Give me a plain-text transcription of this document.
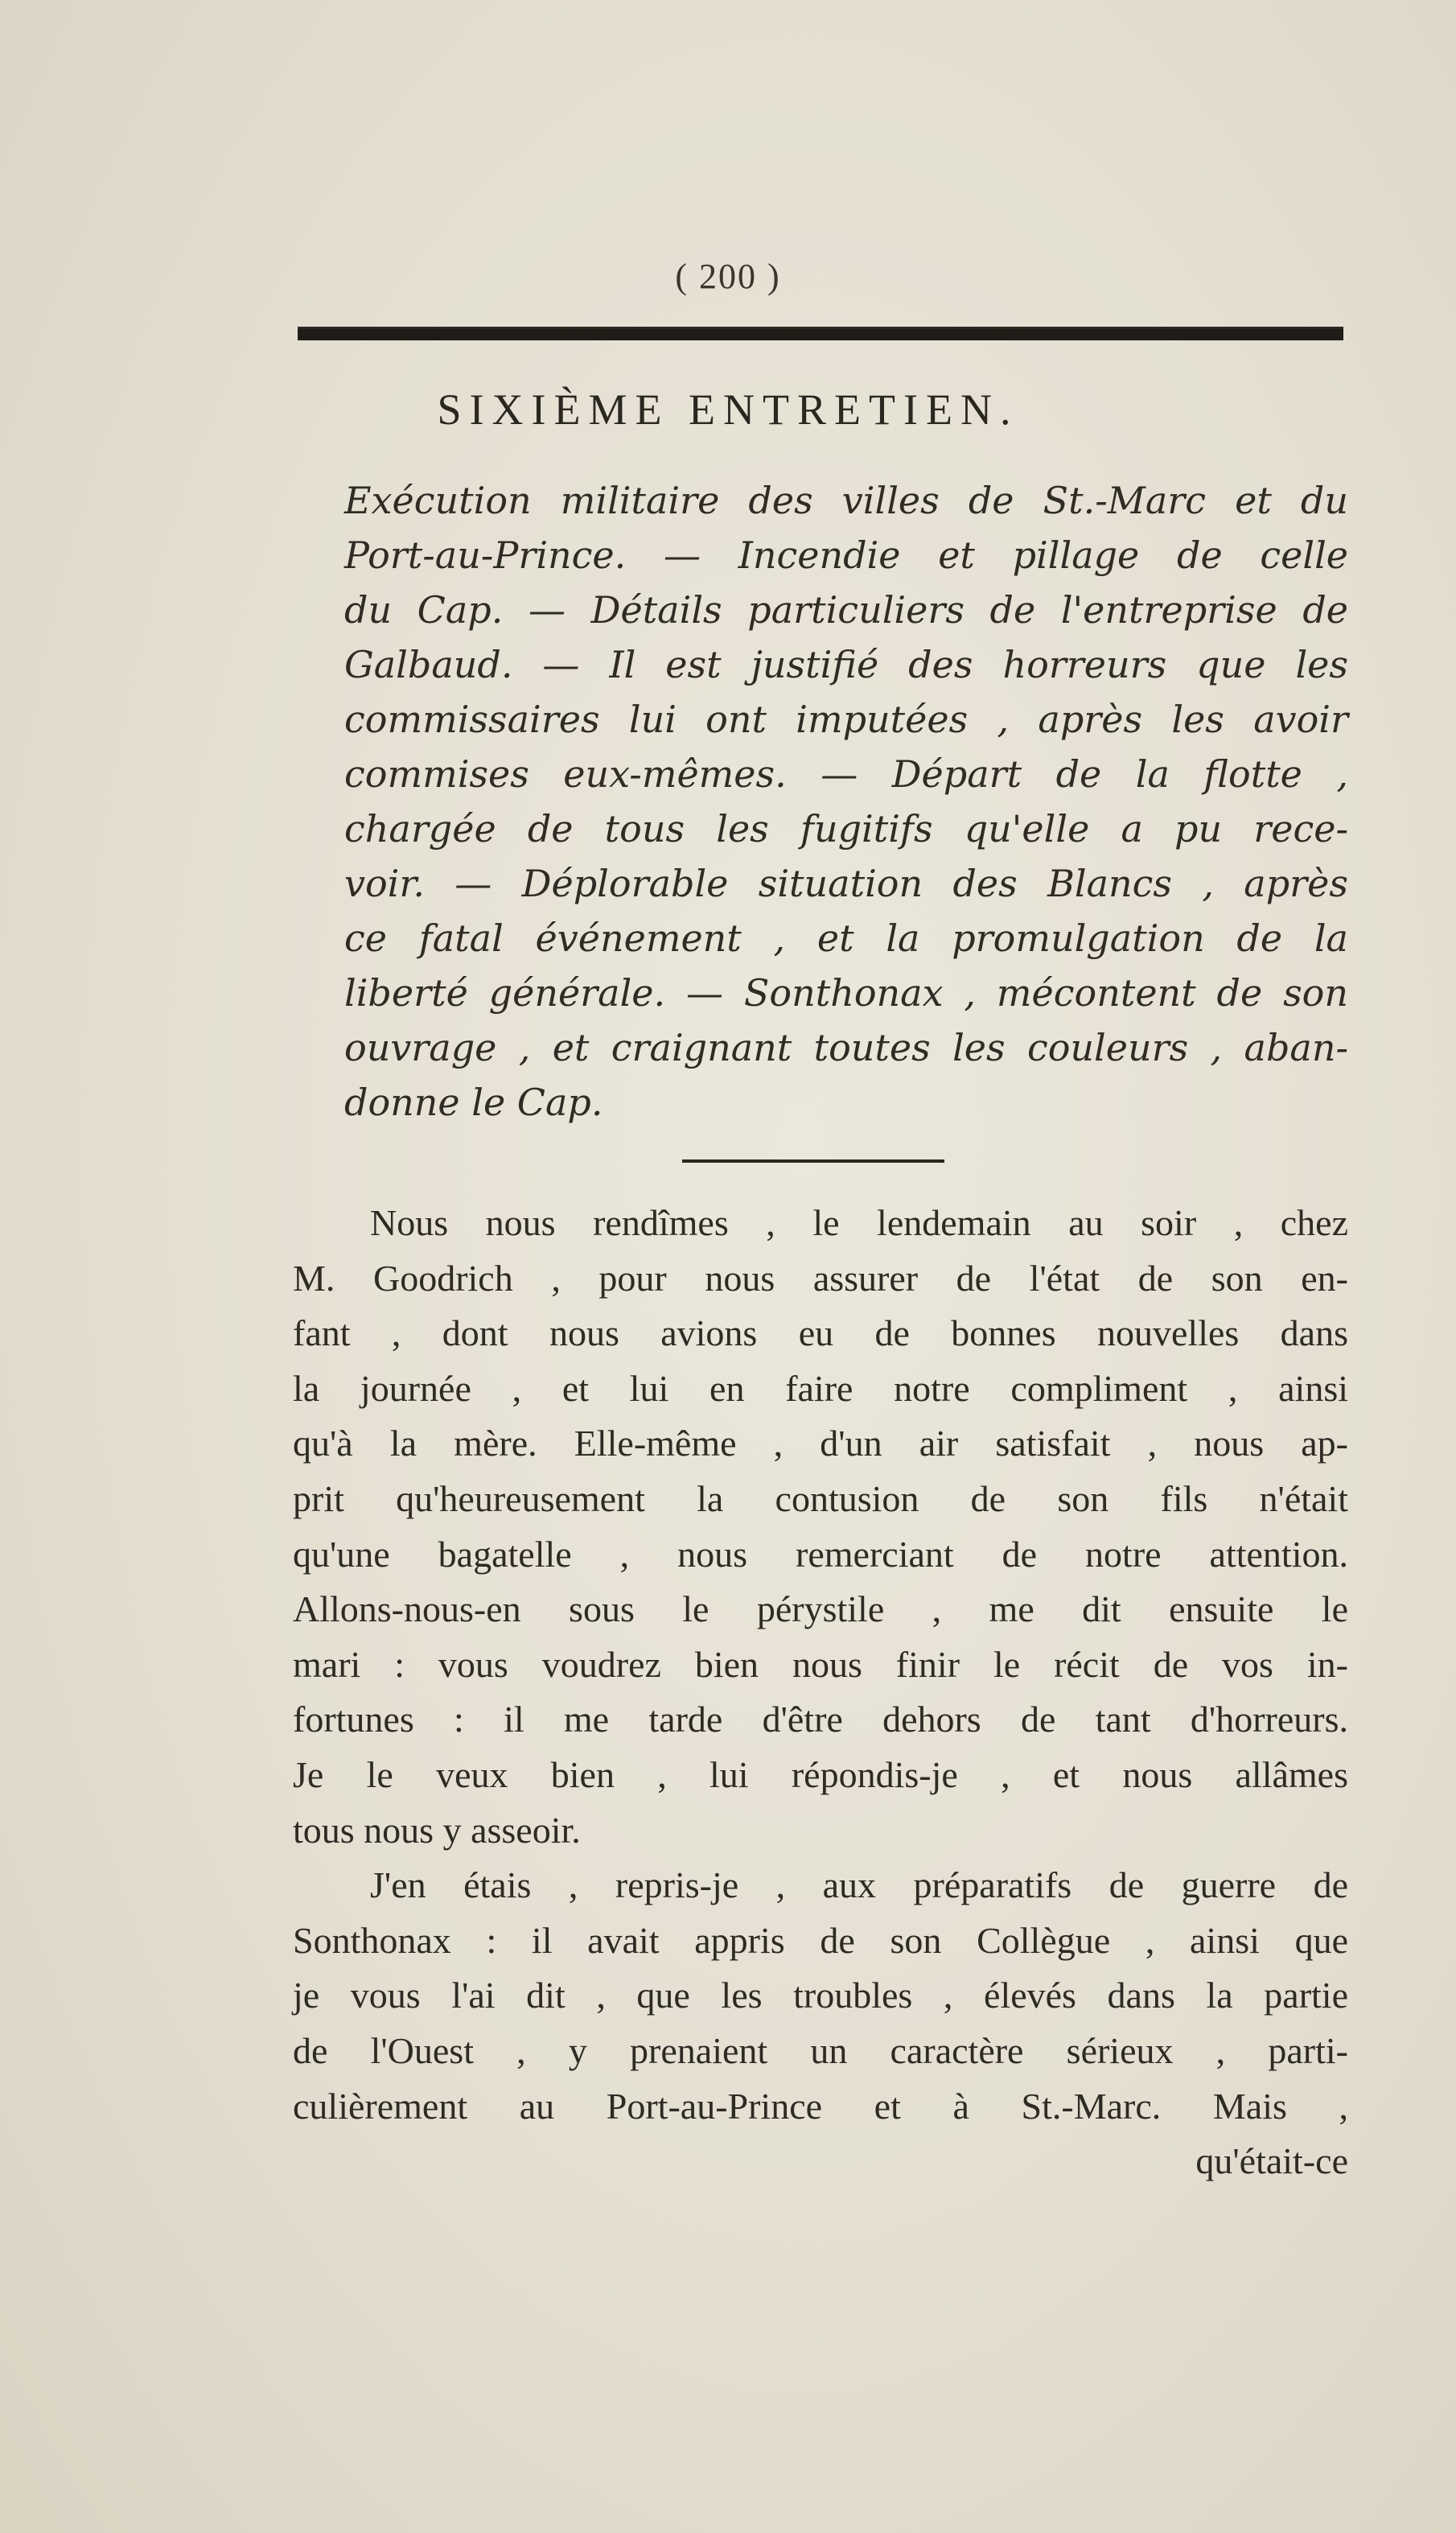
( 200 )
SIXIÈME ENTRETIEN.
Exécution militaire des villes de St.-Marc et du
Port-au-Prince. — Incendie et pillage de celle
du Cap. — Détails particuliers de l'entreprise de
Galbaud. — Il est justifié des horreurs que les
commissaires lui ont imputées , après les avoir
commises eux-mêmes. — Départ de la flotte ,
chargée de tous les fugitifs qu'elle a pu rece-
voir. — Déplorable situation des Blancs , après
ce fatal événement , et la promulgation de la
liberté générale. — Sonthonax , mécontent de son
ouvrage , et craignant toutes les couleurs , aban-
donne le Cap.
Nous nous rendîmes , le lendemain au soir , chez
M. Goodrich , pour nous assurer de l'état de son en-
fant , dont nous avions eu de bonnes nouvelles dans
la journée , et lui en faire notre compliment , ainsi
qu'à la mère. Elle-même , d'un air satisfait , nous ap-
prit qu'heureusement la contusion de son fils n'était
qu'une bagatelle , nous remerciant de notre attention.
Allons-nous-en sous le pérystile , me dit ensuite le
mari : vous voudrez bien nous finir le récit de vos in-
fortunes : il me tarde d'être dehors de tant d'horreurs.
Je le veux bien , lui répondis-je , et nous allâmes
tous nous y asseoir.
J'en étais , repris-je , aux préparatifs de guerre de
Sonthonax : il avait appris de son Collègue , ainsi que
je vous l'ai dit , que les troubles , élevés dans la partie
de l'Ouest , y prenaient un caractère sérieux , parti-
culièrement au Port-au-Prince et à St.-Marc. Mais ,
qu'était-ce
